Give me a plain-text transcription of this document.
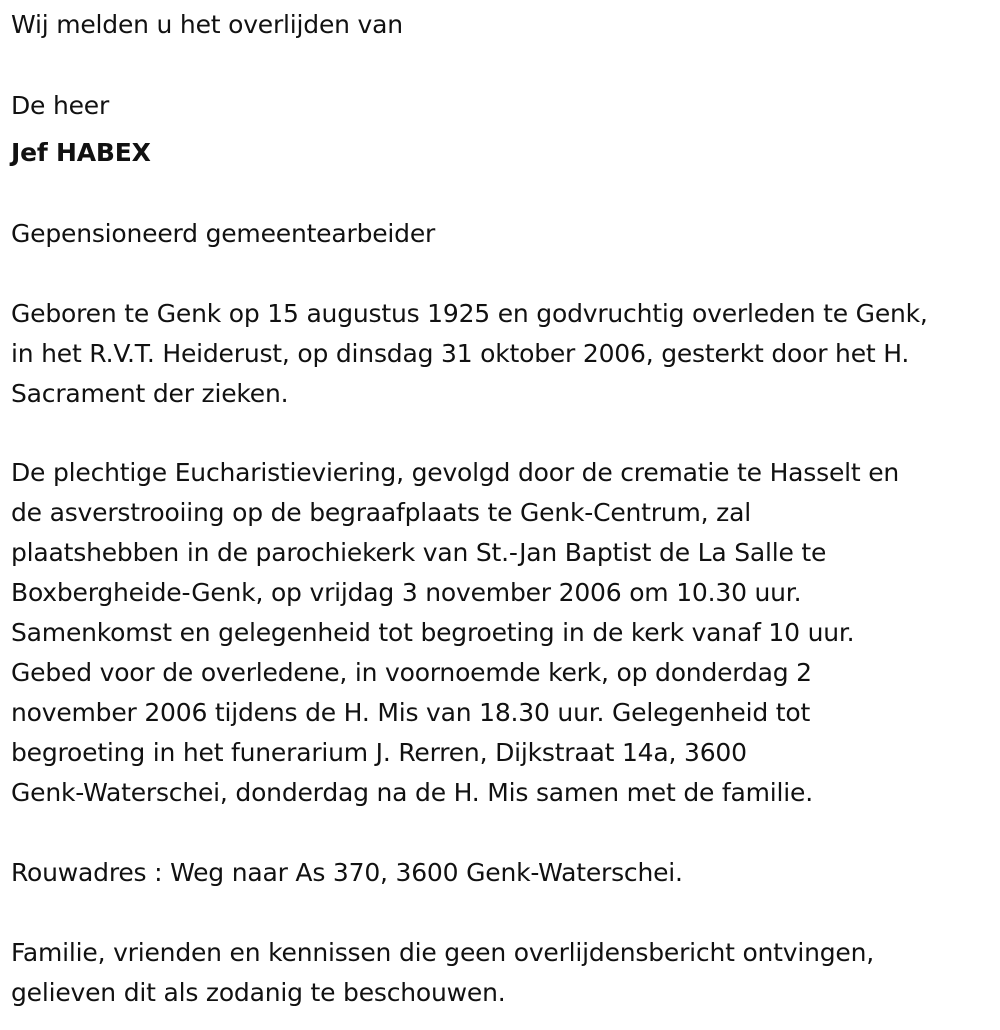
Wij melden u het overlijden van
De heer
Jef HABEX
Gepensioneerd gemeentearbeider
Geboren te Genk op 15 augustus 1925 en godvruchtig overleden te Genk,
in het R.V.T. Heiderust, op dinsdag 31 oktober 2006, gesterkt door het H.
Sacrament der zieken.
De plechtige Eucharistieviering, gevolgd door de crematie te Hasselt en
de asverstrooiing op de begraafplaats te Genk-Centrum, zal
plaatshebben in de parochiekerk van St.-Jan Baptist de La Salle te
Boxbergheide-Genk, op vrijdag 3 november 2006 om 10.30 uur.
Samenkomst en gelegenheid tot begroeting in de kerk vanaf 10 uur.
Gebed voor de overledene, in voornoemde kerk, op donderdag 2
november 2006 tijdens de H. Mis van 18.30 uur. Gelegenheid tot
begroeting in het funerarium J. Rerren, Dijkstraat 14a, 3600
Genk-Waterschei, donderdag na de H. Mis samen met de familie.
Rouwadres : Weg naar As 370, 3600 Genk-Waterschei.
Familie, vrienden en kennissen die geen overlijdensbericht ontvingen,
gelieven dit als zodanig te beschouwen.
